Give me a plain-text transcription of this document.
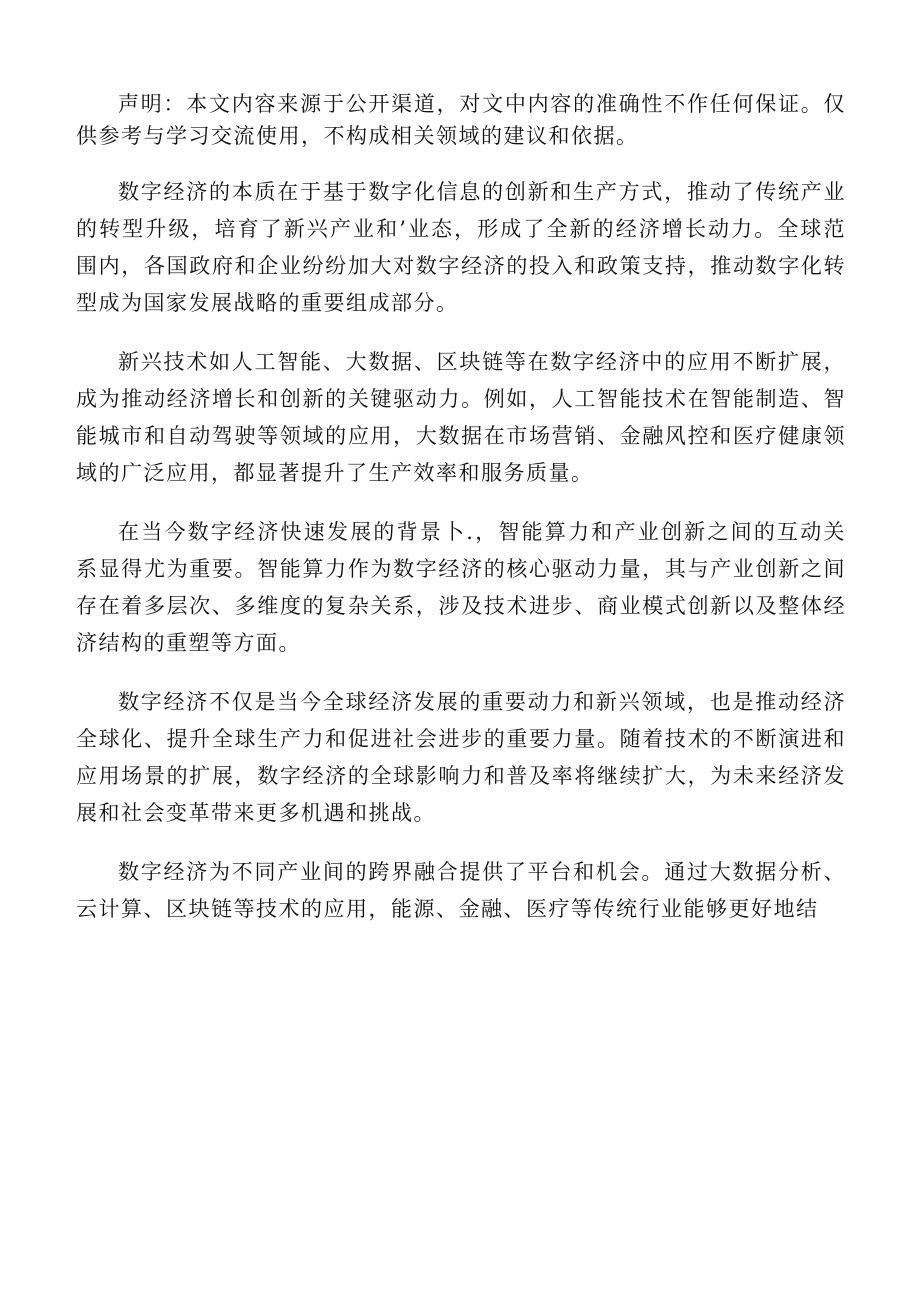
声明：本文内容来源于公开渠道，对文中内容的准确性不作任何保证。仅供参考与学习交流使用，不构成相关领域的建议和依据。

数字经济的本质在于基于数字化信息的创新和生产方式，推动了传统产业的转型升级，培育了新兴产业和’业态，形成了全新的经济增长动力。全球范围内，各国政府和企业纷纷加大对数字经济的投入和政策支持，推动数字化转型成为国家发展战略的重要组成部分。

新兴技术如人工智能、大数据、区块链等在数字经济中的应用不断扩展，成为推动经济增长和创新的关键驱动力。例如，人工智能技术在智能制造、智能城市和自动驾驶等领域的应用，大数据在市场营销、金融风控和医疗健康领域的广泛应用，都显著提升了生产效率和服务质量。

在当今数字经济快速发展的背景卜.，智能算力和产业创新之间的互动关系显得尤为重要。智能算力作为数字经济的核心驱动力量，其与产业创新之间存在着多层次、多维度的复杂关系，涉及技术进步、商业模式创新以及整体经济结构的重塑等方面。

数字经济不仅是当今全球经济发展的重要动力和新兴领域，也是推动经济全球化、提升全球生产力和促进社会进步的重要力量。随着技术的不断演进和应用场景的扩展，数字经济的全球影响力和普及率将继续扩大，为未来经济发展和社会变革带来更多机遇和挑战。

数字经济为不同产业间的跨界融合提供了平台和机会。通过大数据分析、云计算、区块链等技术的应用，能源、金融、医疗等传统行业能够更好地结
